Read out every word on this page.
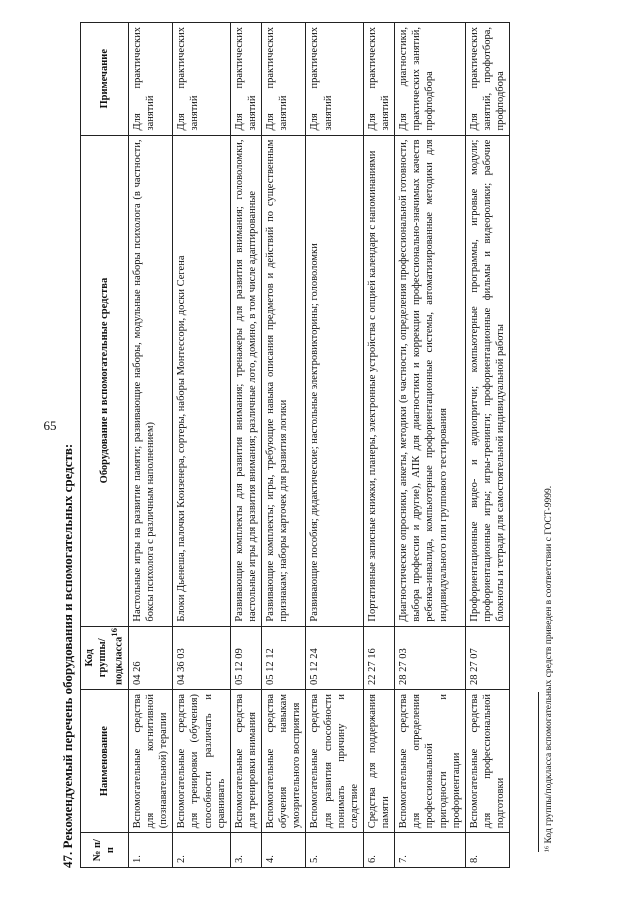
65
47. Рекомендуемый перечень оборудования и вспомогательных средств: № п/п	Наименование	Код группы/ подкласса$^{16}$	Оборудование и вспомогательные средства	Примечание
1.	Вспомогательные средства для когнитивной (познавательной) терапии	04 26	Настольные игры на развитие памяти; развивающие наборы, модульные наборы психолога (в частности, боксы психолога с различным наполнением)	Для практических занятий
2.	Вспомогательные средства для тренировки (обучения) способности различать и сравнивать	04 36 03	Блоки Дьенеша, палочки Кюизенера, сортеры, наборы Монтессори, доски Сегена	Для практических занятий
3.	Вспомогательные средства для тренировки внимания	05 12 09	Развивающие комплекты для развития внимания; тренажеры для развития внимания; головоломки, настольные игры для развития внимания; различные лото, домино, в том числе адаптированные	Для практических занятий
4.	Вспомогательные средства обучения навыкам умозрительного восприятия	05 12 12	Развивающие комплекты; игры, требующие навыка описания предметов и действий по существенным признакам; наборы карточек для развития логики	Для практических занятий
5.	Вспомогательные средства для развития способности понимать причину и следствие	05 12 24	Развивающие пособия; дидактические; настольные электровикторины; головоломки	Для практических занятий
6.	Средства для поддержания памяти	22 27 16	Портативные записные книжки, планеры, электронные устройства с опцией календаря с напоминаниями	Для практических занятий
7.	Вспомогательные средства для определения профессиональной пригодности и профориентации	28 27 03	Диагностические опросники, анкеты, методики (в частности, определения профессиональной готовности, выбора профессии и другие), АПК для диагностики и коррекции профессионально-значимых качеств ребенка-инвалида, компьютерные профориентационные системы, автоматизированные методики для индивидуального или группового тестирования	Для диагностики, практических занятий, профподбора
8.	Вспомогательные средства для профессиональной подготовки	28 27 07	Профориентационные видео- и аудиопритчи; компьютерные программы, игровые модули; профориентационные игры; игры-тренинги; профориентационные фильмы и видеоролики; рабочие блокноты и тетради для самостоятельной индивидуальной работы	Для практических занятий, профотбора, профподбора
¹⁶ Код группы/подкласса вспомогательных средств приведен в соответствии с ГОСТ-9999.
